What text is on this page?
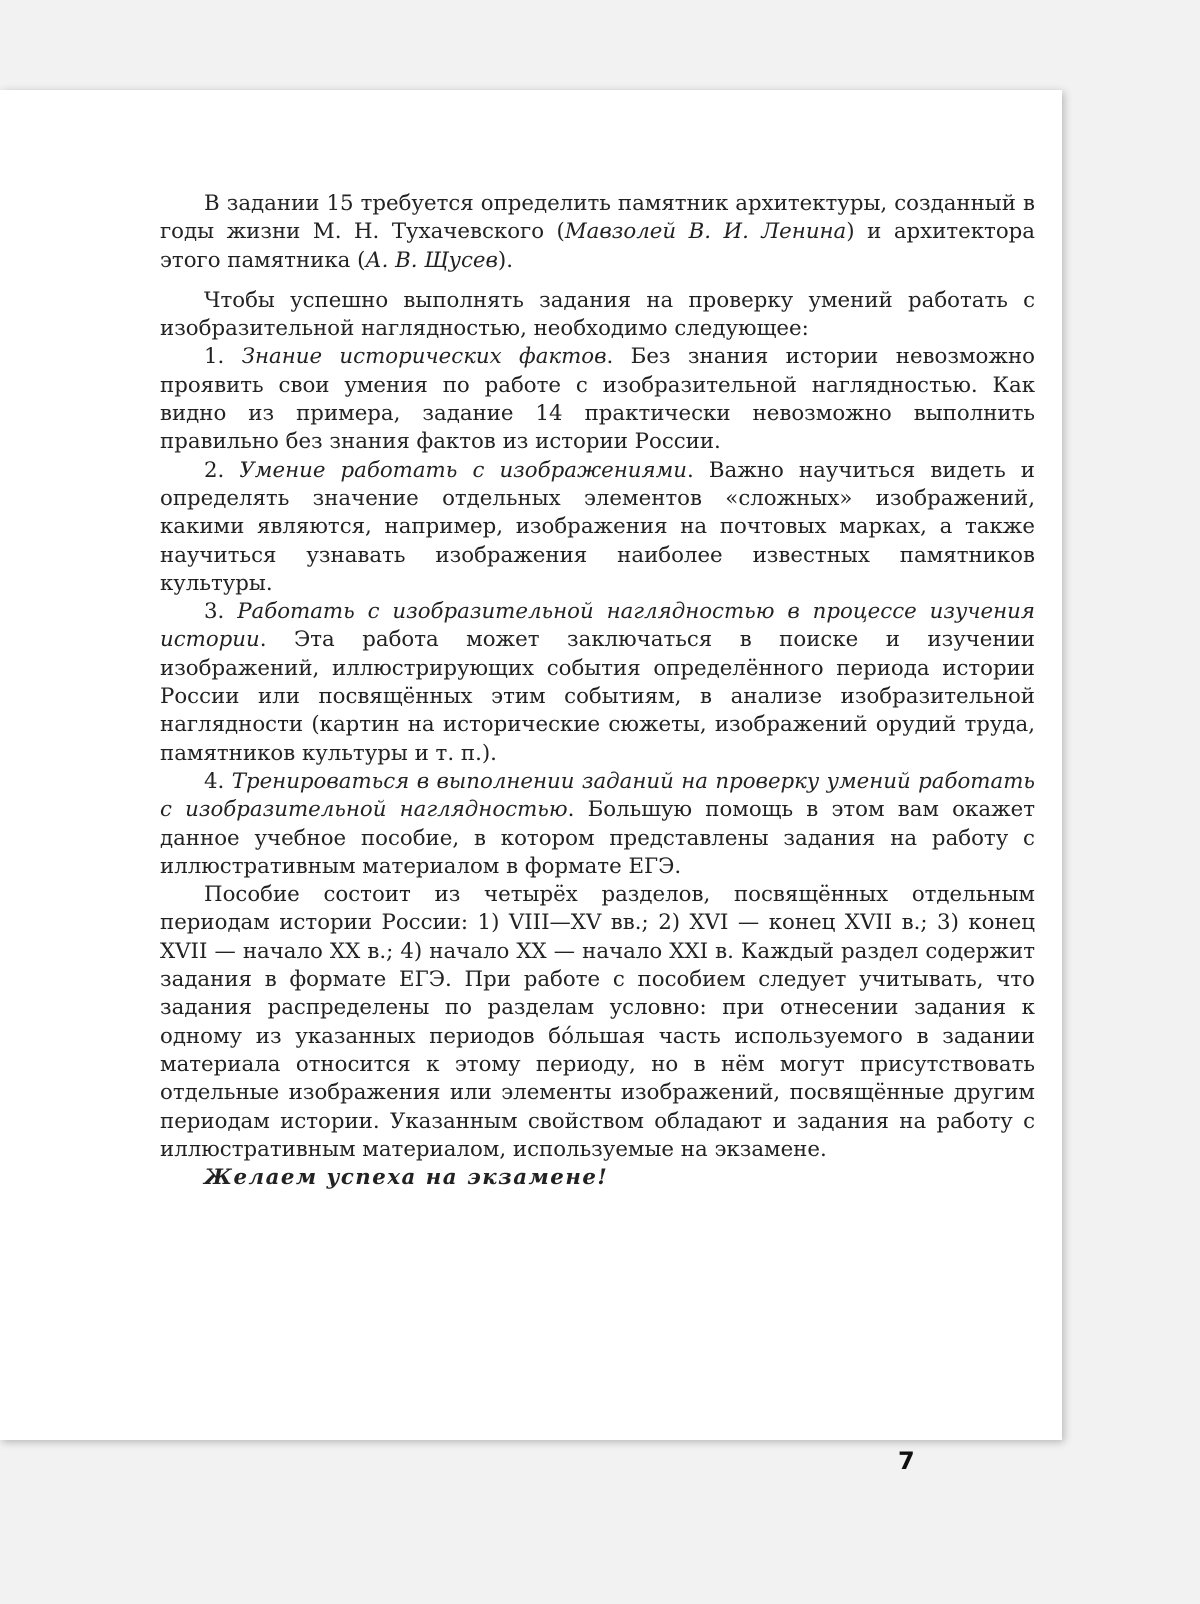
В задании 15 требуется определить памятник архитектуры, созданный в годы жизни М. Н. Тухачевского (Мавзолей В. И. Ленина) и архитектора этого памятника (А. В. Щусев).

Чтобы успешно выполнять задания на проверку умений работать с изобразительной наглядностью, необходимо следующее:

1. Знание исторических фактов. Без знания истории невозможно проявить свои умения по работе с изобразительной наглядностью. Как видно из примера, задание 14 практически невозможно выполнить правильно без знания фактов из истории России.

2. Умение работать с изображениями. Важно научиться видеть и определять значение отдельных элементов «сложных» изображений, какими являются, например, изображения на почтовых марках, а также научиться узнавать изображения наиболее известных памятников культуры.

3. Работать с изобразительной наглядностью в процессе изучения истории. Эта работа может заключаться в поиске и изучении изображений, иллюстрирующих события определённого периода истории России или посвящённых этим событиям, в анализе изобразительной наглядности (картин на исторические сюжеты, изображений орудий труда, памятников культуры и т. п.).

4. Тренироваться в выполнении заданий на проверку умений работать с изобразительной наглядностью. Большую помощь в этом вам окажет данное учебное пособие, в котором представлены задания на работу с иллюстративным материалом в формате ЕГЭ.

Пособие состоит из четырёх разделов, посвящённых отдельным периодам истории России: 1) VIII—XV вв.; 2) XVI — конец XVII в.; 3) конец XVII — начало XX в.; 4) начало XX — начало XXI в. Каждый раздел содержит задания в формате ЕГЭ. При работе с пособием следует учитывать, что задания распределены по разделам условно: при отнесении задания к одному из указанных периодов бóльшая часть используемого в задании материала относится к этому периоду, но в нём могут присутствовать отдельные изображения или элементы изображений, посвящённые другим периодам истории. Указанным свойством обладают и задания на работу с иллюстративным материалом, используемые на экзамене.

Желаем успеха на экзамене!

7
